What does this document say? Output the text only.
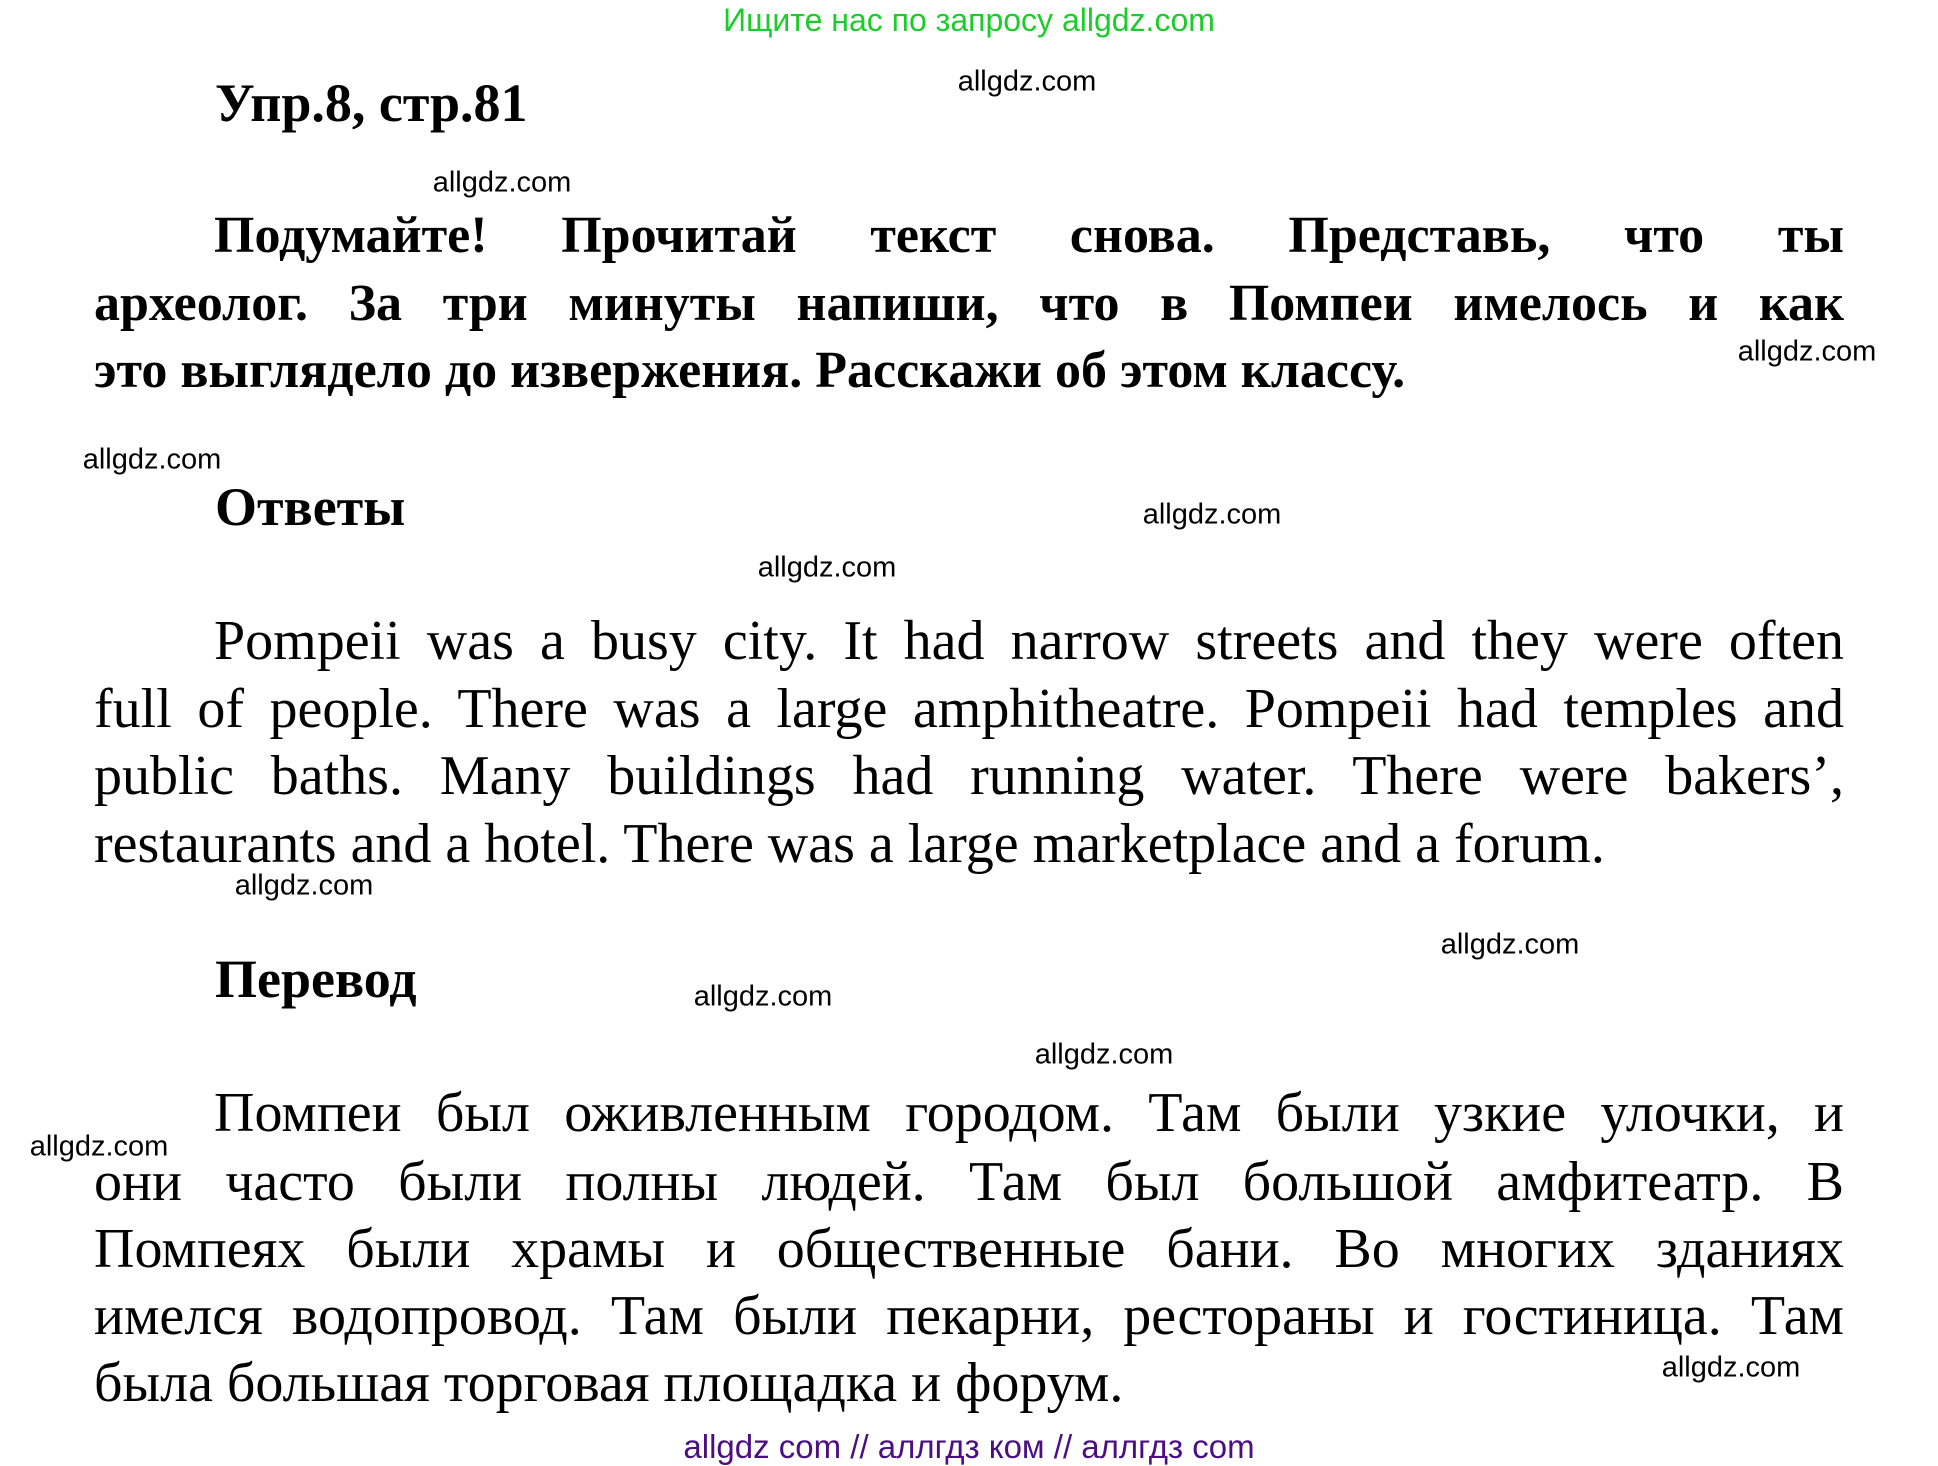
Ищите нас по запросу allgdz.com
Упр.8, стр.81
Подумайте! Прочитай текст снова. Представь, что ты
археолог. За три минуты напиши, что в Помпеи имелось и как
это выглядело до извержения. Расскажи об этом классу.
Ответы
Pompeii was a busy city. It had narrow streets and they were often
full of people. There was a large amphitheatre. Pompeii had temples and
public baths. Many buildings had running water. There were bakers’,
restaurants and a hotel. There was a large marketplace and a forum.
Перевод
Помпеи был оживленным городом. Там были узкие улочки, и
они часто были полны людей. Там был большой амфитеатр. В
Помпеях были храмы и общественные бани. Во многих зданиях
имелся водопровод. Там были пекарни, рестораны и гостиница. Там
была большая торговая площадка и форум.
allgdz.com
allgdz.com
allgdz.com
allgdz.com
allgdz.com
allgdz.com
allgdz.com
allgdz.com
allgdz.com
allgdz.com
allgdz.com
allgdz.com
allgdz com // аллгдз ком // аллгдз com
